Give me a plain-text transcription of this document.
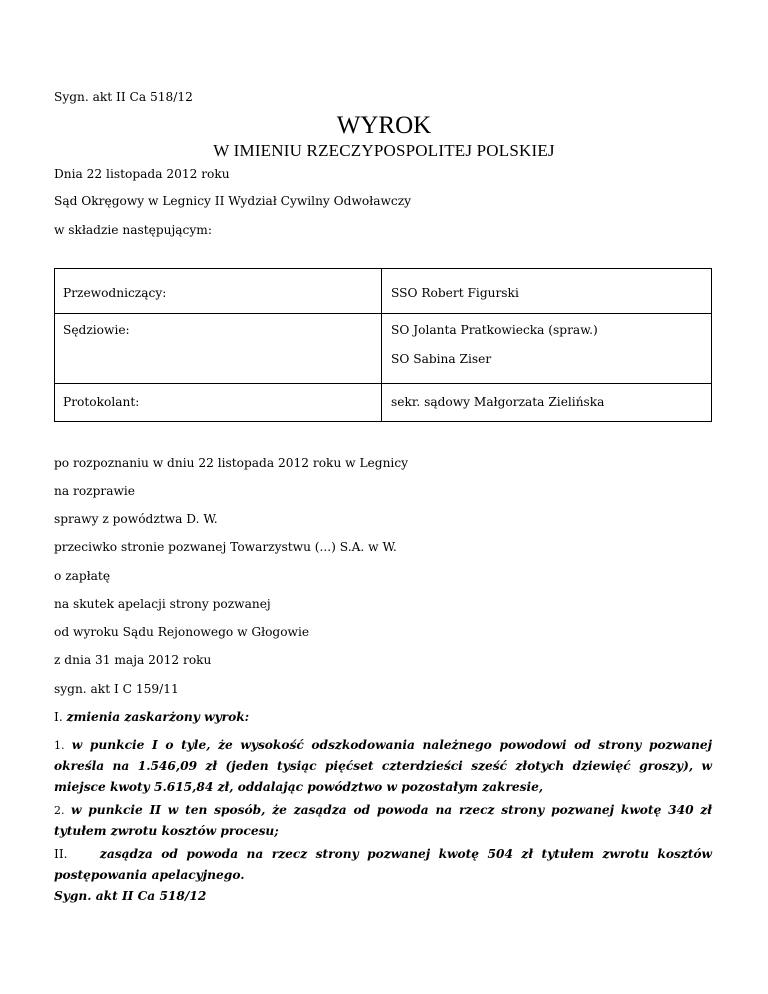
Sygn. akt II Ca 518/12
WYROK
W IMIENIU RZECZYPOSPOLITEJ POLSKIEJ
Dnia 22 listopada 2012 roku
Sąd Okręgowy w Legnicy II Wydział Cywilny Odwoławczy
w składzie następującym:
Przewodniczący:	SSO Robert Figurski
Sędziowie:	SO Jolanta Pratkowiecka (spraw.)
SO Sabina Ziser
Protokolant:	sekr. sądowy Małgorzata Zielińska
po rozpoznaniu w dniu 22 listopada 2012 roku w Legnicy
na rozprawie
sprawy z powództwa D. W.
przeciwko stronie pozwanej Towarzystwu (...) S.A. w W.
o zapłatę
na skutek apelacji strony pozwanej
od wyroku Sądu Rejonowego w Głogowie
z dnia 31 maja 2012 roku
sygn. akt I C 159/11
I. zmienia zaskarżony wyrok:
1. w punkcie I o tyle, że wysokość odszkodowania należnego powodowi od strony pozwanej określa na 1.546,09 zł (jeden tysiąc pięćset czterdzieści sześć złotych dziewięć groszy), w miejsce kwoty 5.615,84 zł, oddalając powództwo w pozostałym zakresie,
2. w punkcie II w ten sposób, że zasądza od powoda na rzecz strony pozwanej kwotę 340 zł tytułem zwrotu kosztów procesu;
II.	zasądza od powoda na rzecz strony pozwanej kwotę 504 zł tytułem zwrotu kosztów postępowania apelacyjnego.
Sygn. akt II Ca 518/12
